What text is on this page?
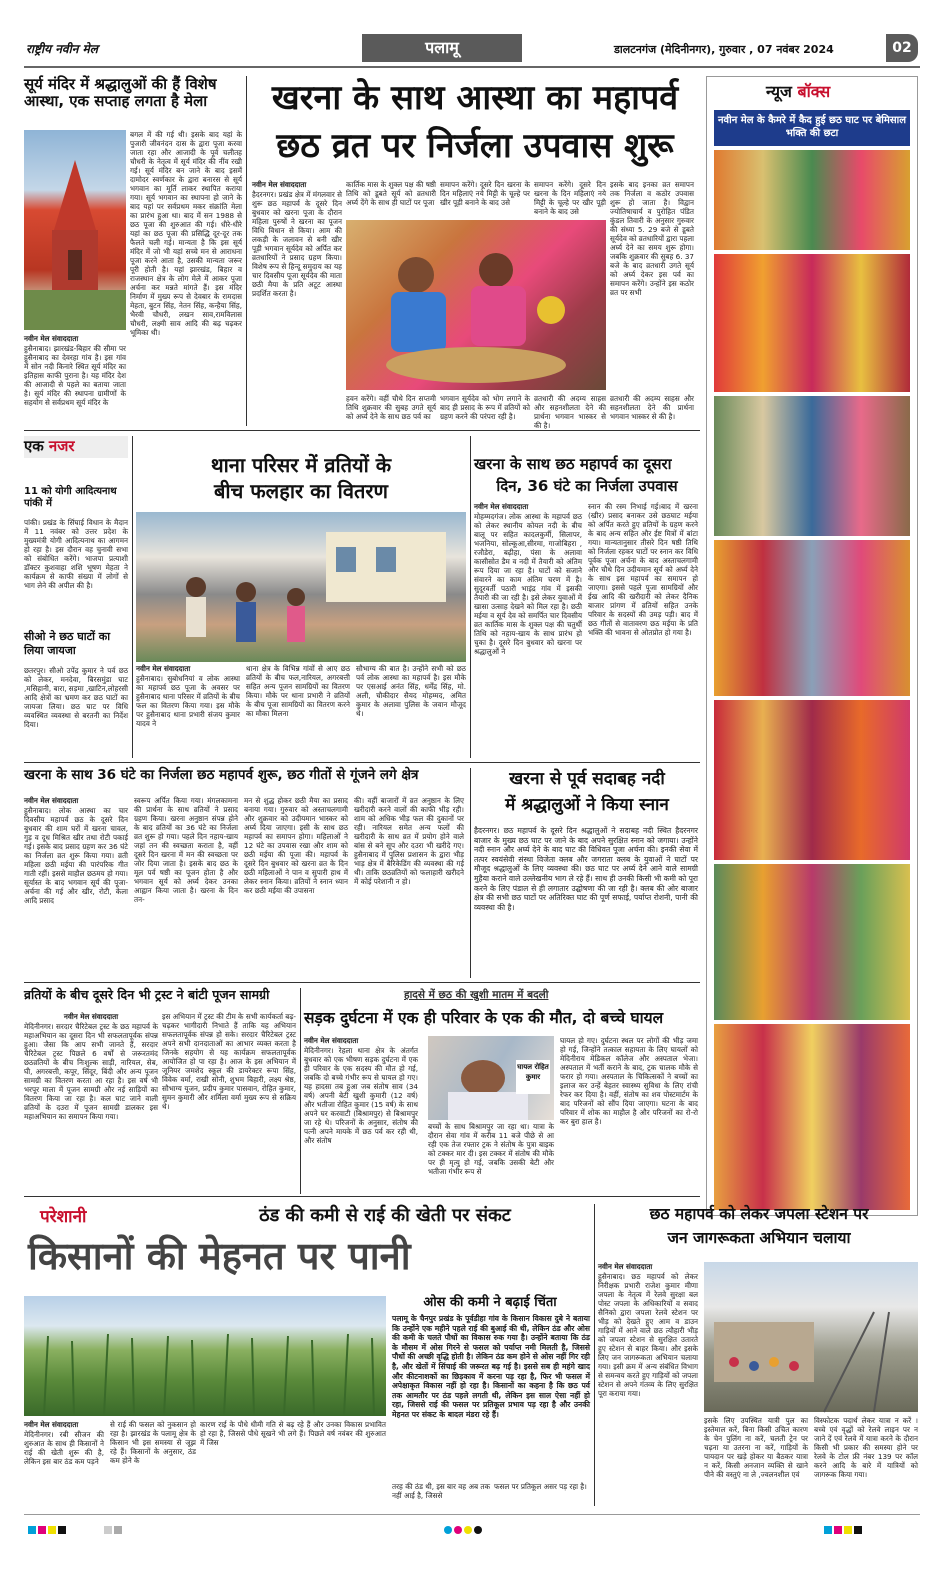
राष्ट्रीय नवीन मेल	पलामू	डालटनगंज (मेदिनीनगर), गुरुवार , 07 नवंबर 2024	02
सूर्य मंदिर में श्रद्धालुओं की हैं विशेष आस्था, एक सप्ताह लगता है मेला
नवीन मेल संवाददाता
हुसैनाबाद। झारखंड-बिहार की सीमा पर हुसैनाबाद का देवरहा गांव है। इस गांव में सोन नदी किनारे स्थित सूर्य मंदिर का इतिहास काफी पुराना है। यह मंदिर देश की आजादी से पहले का बताया जाता है। सूर्य मंदिर की स्थापना ग्रामीणों के सहयोग से सर्वप्रथम सूर्य मंदिर के
बगल में की गई थी। इसके बाद यहां के पुजारी जीवनंदन दास के द्वारा पूजा करवा जाता रहा और आजादी के पूर्व चलीतह चौधरी के नेतृत्व में सूर्य मंदिर की नींव रखी गई। सूर्य मंदिर बन जाने के बाद इसमें दामोदर स्वर्णकार के द्वारा बनारस से सूर्य भगवान का मूर्ति लाकर स्थापित कराया गया। सूर्य भगवान का स्थापना हो जाने के बाद यहां पर सर्वप्रथम मकर संक्रांति मेला का प्रारंभ हुआ था। बाद में सन 1988 से छठ पूजा की शुरुआत की गई। धीरे-धीरे यहां का छठ पूजा की प्रसिद्धि दूर-दूर तक फैलते चली गई। मान्यता है कि इस सूर्य मंदिर में जो भी यहां सच्चे मन से आराधना पूजा करने आता है, उसकी मान्यता जरूर पूरी होती है। यहां झारखंड, बिहार व राजस्थान क्षेत्र के लोग मेले में आकर पूजा अर्चना कर मन्नते मांगते हैं। इस मंदिर निर्माण में मुख्य रूप से देवबार के रामदास मेहता, बुटन सिंह, नेतन सिंह, कन्हैया सिंह, भैरवी चौधरी, लखन साव,रामविलास चौधरी, लक्ष्मी साव आदि की बढ़ चढ़कर भूमिका थी।
खरना के साथ आस्था का महापर्व
छठ व्रत पर निर्जला उपवास शुरू
नवीन मेल संवाददाता
हैदरनगर। प्रखंड क्षेत्र में मंगलवार से शुरू छठ महापर्व के दूसरे दिन बुधवार को खरना पूजा के दौरान महिला पुरुषों ने खरना का पूजन विधि विधान से किया। आम की लकड़ी के जलावन से बनी खीर पूड़ी भगवान सूर्यदेव को अर्पित कर व्रतधारियों ने प्रसाद ग्रहण किया। विशेष रूप से हिन्दू समुदाय का यह चार दिवसीय पूजा सूर्यदेव की माता छठी मैया के प्रति अटूट आस्था प्रदर्शित करता है।
कार्तिक मास के शुक्ल पक्ष की षष्ठी तिथि को डूबते सूर्य को व्रतधारी अर्घ्य देंगे के साथ ही घाटों पर पूजा
समापन करेंगे। दूसरे दिन खरना के दिन महिलाएं नये मिट्टी के चूल्हे पर खीर पूड़ी बनाने के बाद उसे
हवन करेंगे। वहीं चौथे दिन सप्तमी तिथि शुक्रवार की सुबह उगते सूर्य को अर्घ्य देने के साथ छठ पर्व का
भगवान सूर्यदेव को भोग लगाने के बाद ही प्रसाद के रूप में व्रतियों को ग्रहण करने की परंपरा रही है।
समापन करेंगे। दूसरे दिन खरना के दिन महिलाएं नये मिट्टी के चूल्हे पर खीर पूड़ी बनाने के बाद उसे
इसके बाद इनका व्रत समापन तक निर्जला व कठोर उपवास शुरू हो जाता है। विद्वान ज्योतिषाचार्य व पुरोहित पंडित कुंडल तिवारी के अनुसार गुरुवार की संध्या 5. 29 बजे से डूबते सूर्यदेव को व्रतधारियों द्वारा पहला अर्घ्य देने का समय शुरू होगा। जबकि शुक्रवार की सुबह 6. 37 बजे के बाद व्रतधारी उगते सूर्य को अर्घ्य देकर इस पर्व का समापन करेंगे। उन्होंने इस कठोर व्रत पर सभी
व्रतधारी की अदम्य साहस और सहनशीलता देने की प्रार्थना भगवान भास्कर से की है।
व्रतधारी की अदम्य साहस और सहनशीलता देने की प्रार्थना भगवान भास्कर से की है।
न्यूज बॉक्स
नवीन मेल के कैमरे में कैद हुई छठ घाट पर बेमिसाल भक्ति की छटा
एक नजर
11 को योगी आदित्यनाथ पांकी में
पांकी। प्रखंड के सिंघाई विधान के मैदान में 11 नवंबर को उत्तर प्रदेश के मुख्यमंत्री योगी आदित्यनाथ का आगमन हो रहा है। इस दौरान वह चुनावी सभा को संबोधित करेंगे। भाजपा प्रत्याशी डॉक्टर कुशवाहा शशि भूषण मेहता ने कार्यक्रम से काफी संख्या में लोगों से भाग लेने की अपील की है।
सीओ ने छठ घाटों का लिया जायजा
छतरपुर। सीओ उपेंद्र कुमार ने पर्व छठ को लेकर, मनदेवा, बिरसमुंडा घाट ,मसिहानी, बारा, सड़मा ,खाटिन,लोहरसी आदि क्षेत्रों का भ्रमण कर छठ घाटों का जायजा लिया। छठ घाट पर विधि व्यवस्थित व्यवस्था से बरतनी का निर्देश दिया।
थाना परिसर में व्रतियों के
बीच फलहार का वितरण
नवीन मेल संवाददाता
हुसैनाबाद। सुबोधनियां व लोक आस्था का महापर्व छठ पूजा के अवसर पर हुसैनाबाद थाना परिसर में व्रतियों के बीच फल का वितरण किया गया। इस मौके पर हुसैनाबाद थाना प्रभारी संजय कुमार यादव ने
थाना क्षेत्र के विभिन्न गांवों से आए छठ व्रतियों के बीच फल,नारियल, अगरबत्ती सहित अन्य पूजन सामग्रियों का वितरण किया। मौके पर थाना प्रभारी ने व्रतियों के बीच पूजा सामग्रियों का वितरण करने का मौका मिलना
सौभाग्य की बात है। उन्होंने सभी को छठ पर्व लोक आस्था का महापर्व है। इस मौके पर एसआई अनंत सिंह, धर्मेंद्र सिंह, मो. अली, चौकीदार सैयद मोहम्मद, अमित कुमार के अलावा पुलिस के जवान मौजूद थे।
खरना के साथ छठ महापर्व का दूसरा
दिन, 36 घंटे का निर्जला उपवास
नवीन मेल संवाददाता
मोहम्मदगंज। लोक आस्था के महापर्व छठ को लेकर स्थानीय कोयल नदी के बीच बालू पर सहित कादलकुर्मी, सिलापर, भजनिया, सोल्कूआ,सीरमा, गाजोबिहरा , रजौडेरा, बढ़ीहा, पंसा के अलावा कासीसोत डैम व नदी में तैयारी को अंतिम रूप दिया जा रहा है। घाटों को सजाने संवारने का काम अंतिम चरण में है। सुदूरवर्ती पठारी भाइंद्र गांव में इसकी तैयारी की जा रही है। इसे लेकर युवाओं में खासा उत्साह देखने को मिल रहा है। छठी मईया व सूर्य देव को समर्पित चार दिवसीय व्रत कार्तिक मास के शुक्ल पक्ष की चतुर्थी तिथि को नहाय-खाय के साथ प्रारंभ हो चुका है। दूसरे दिन बुधवार को खरना पर श्रद्धालुओं ने
स्नान की रस्म निभाई गई।बाद में खरना (खीर) प्रसाद बनाकर उसे छठघाट मईया को अर्पित करते हुए व्रतियों के ग्रहण करने के बाद अन्य सहित और ईष्ट मित्रों में बांटा गया। मान्यतानुसार तीसरे दिन षष्ठी तिथि को निर्जला रहकर घाटों पर स्नान कर विधि पूर्वक पूजा अर्चना के बाद अस्ताचलगामी और चौथे दिन उदीयमान सूर्य को अर्घ्य देने के साथ इस महापर्व का समापन हो जाएगा। इससे पहले पूजा सामग्रियों और ईख आदि की खरीदारी को लेकर दैनिक बाजार प्रांगण में व्रतियों सहित उनके परिवार के सदस्यों की उमड़ पड़ी। बाद में छठ गीतों से वातावरण छठ मईया के प्रति भक्ति की भावना से ओतप्रोत हो गया है।
खरना के साथ 36 घंटे का निर्जला छठ महापर्व शुरू, छठ गीतों से गूंजने लगे क्षेत्र
नवीन मेल संवाददाता
हुसैनाबाद। लोक आस्था का चार दिवसीय महापर्व छठ के दूसरे दिन बुधवार की शाम घरों में खरना चावल, गुड़ व दूध मिश्रित खीर तथा रोटी पकाई गई। इसके बाद प्रसाद ग्रहण कर 36 घंटे का निर्जला व्रत शुरू किया गया। व्रती महिला छठी मईया की पारंपरिक गीत गाती रहीं। इससे माहौल छठमय हो गया। सूर्यास्त के बाद भगवान सूर्य की पूजा-अर्चना की गई और खीर, रोटी, केला आदि प्रसाद
स्वरूप अर्पित किया गया। मंगलकामना की प्रार्थना के साथ व्रतियों ने प्रसाद ग्रहण किया। खरना अनुष्ठान संपन्न होने के बाद व्रतियों का 36 घंटे का निर्जला व्रत शुरू हो गया। पहले दिन नहाय-खाय जहां तन की स्वच्छता कराता है, वहीं दूसरे दिन खरना में मन की स्वच्छता पर जोर दिया जाता है। इसके बाद छठ के मूल पर्व षष्ठी का पूजन होता है और भगवान सूर्य को अर्घ्य देकर उनका आह्वान किया जाता है। खरना के दिन तन-
मन से शुद्ध होकर छठी मैया का प्रसाद बनाया गया। गुरुवार को अस्ताचलगामी और शुक्रवार को उदीयमान भास्कर को अर्घ्य दिया जाएगा। इसी के साथ छठ महापर्व का समापन होगा। महिलाओं ने 12 घंटे का उपवास रखा और शाम को छठी मईया की पूजा की। महापर्व के दूसरे दिन बुधवार को खरना व्रत के दिन छठी महिलाओं ने पान व सुपारी हाथ में लेकर स्नान किया। व्रतियों ने स्नान ध्यान कर छठी मईया की उपासना
की। वहीं बाजारों में व्रत अनुष्ठान के लिए खरीदारी करने वालों की काफी भीड़ रही। शाम को अधिक भीड़ फल की दुकानों पर रही। नारियल समेत अन्य फलों की खरीदारी के साथ व्रत में प्रयोग होने वाले बांस से बने सूप और दउरा भी खरीदे गए। हुसैनाबाद में पुलिस प्रशासन के द्वारा भीड़ भाड़ क्षेत्र में बैरिकेडिंग की व्यवस्था की गई थी। ताकि छठव्रतियों को फलाहारी खरीदने में कोई परेशानी न हो।
खरना से पूर्व सदाबह नदी
में श्रद्धालुओं ने किया स्नान
हैदरनगर। छठ महापर्व के दूसरे दिन श्रद्धालुओं ने सदाबह नदी स्थित हैदरनगर बाजार के मुख्य छठ घाट पर जाने के बाद अपने सुरक्षित स्नान को जगाया। उन्होंने नदी स्नान और अर्घ्य देने के बाद घाट की विधिवत पूजा अर्चना की। इनकी सेवा में तत्पर स्वयंसेवी संस्था विजेता क्लब और जगराता क्लब के युवाओं ने घाटों पर मौजूद श्रद्धालुओं के लिए व्यवस्था की। छठ घाट पर अर्घ्य देने आने वाले सामग्री मुहैया कराने वाले उल्लेखनीय भाग ले रहे हैं। साथ ही उनकी किसी भी कमी को पूरा करने के लिए पंडाल से ही लगातार उद्घोषणा की जा रही है। क्लब की ओर बाजार क्षेत्र की सभी छठ घाटों पर अतिरिक्त घाट की पूर्ण सफाई, पर्याप्त रोशनी, पानी की व्यवस्था की है।
व्रतियों के बीच दूसरे दिन भी ट्रस्ट ने बांटी पूजन सामग्री
नवीन मेल संवाददाता
मेदिनीनगर। सरदार चैरिटेबल ट्रस्ट के छठ महापर्व के महाअभियान का दूसरा दिन भी सफलतापूर्वक संपन्न हुआ। जैसा कि आप सभी जानते हैं, सरदार चैरिटेबल ट्रस्ट पिछले 6 वर्षों से जरूरतमंद छठव्रतियों के बीच निःशुल्क साड़ी, नारियल, सेब, घी, अगरबत्ती, कपूर, सिंदूर, बिंदी और अन्य पूजन सामग्री का वितरण करता आ रहा है। इस वर्ष भी भरपूर माला में पूजन सामग्री और नई साड़ियों का वितरण किया जा रहा है। कल घाट जाने वाली व्रतियों के दउरा में पूजन सामग्री डालकर इस महाअभियान का समापन किया गया।
इस अभियान में ट्रस्ट की टीम के सभी कार्यकर्ता बढ़-चढ़कर भागीदारी निभाते हैं ताकि यह अभियान सफलतापूर्वक संपन्न हो सके। सरदार चैरिटेबल ट्रस्ट अपने सभी दानदाताओं का आभार व्यक्त करता है जिनके सहयोग से यह कार्यक्रम सफलतापूर्वक आयोजित हो पा रहा है। आज के इस अभियान में जूनियर जमशेद स्कूल की डायरेक्टर रूपा सिंह, विवेक वर्मा, राखी सोनी, शुभम बिहारी, लक्ष्य श्रेष्ठ, सौभाग्य यूजन, प्रदीप कुमार पासवान, रोहित कुमार, सुमन कुमारी और शर्मिला वर्मा मुख्य रूप से सक्रिय थे।
हादसे में छठ की खुशी मातम में बदली
सड़क दुर्घटना में एक ही परिवार के एक की मौत, दो बच्चे घायल
नवीन मेल संवाददाता
मेदिनीनगर। रेहला थाना क्षेत्र के अंतर्गत बुधवार को एक भीषण सड़क दुर्घटना में एक ही परिवार के एक सदस्य की मौत हो गई, जबकि दो बच्चे गंभीर रूप से घायल हो गए। यह हादसा तब हुआ जब संतोष साव (34 वर्ष) अपनी बेटी खुशी कुमारी (12 वर्ष) और भतीजा रोहित कुमार (15 वर्ष) के साथ अपने घर करवाटी (बिश्रामपुर) से बिश्रामपुर जा रहे थे। परिजनों के अनुसार, संतोष की पत्नी अपने मायके में छठ पर्व कर रही थी, और संतोष
घायल रोहित कुमार
बच्चों के साथ बिश्रामपुर जा रहा था। यात्रा के दौरान सेवा गांव में करीब 11 बजे पीछे से आ रही एक तेज रफ्तार ट्रक ने संतोष के पुत्रा बाइक को टक्कर मार दी। इस टक्कर में संतोष की मौके पर ही मृत्यु हो गई, जबकि उसकी बेटी और भतीजा गंभीर रूप से
घायल हो गए। दुर्घटना स्थल पर लोगों की भीड़ जमा हो गई, जिन्होंने तत्काल सहायता के लिए घायलों को मेदिनीराय मेडिकल कॉलेज और अस्पताल भेजा। अस्पताल में भर्ती कराने के बाद, ट्रक चालक मौके से फरार हो गया। अस्पताल के चिकित्सकों ने बच्चों का इलाज कर उन्हें बेहतर स्वास्थ्य सुविधा के लिए रांची रेफर कर दिया है। वहीं, संतोष का शव पोस्टमार्टम के बाद परिजनों को सौंप दिया जाएगा। घटना के बाद परिवार में शोक का माहौल है और परिजनों का रो-रो कर बुरा हाल है।
परेशानी	ठंड की कमी से राई की खेती पर संकट
किसानों की मेहनत पर पानी
नवीन मेल संवाददाता
मेदिनीनगर। रबी सीजन की शुरुआत के साथ ही किसानों ने राई की खेती शुरू की है, लेकिन इस बार ठंड कम पड़ने
से राई की फसल को नुकसान हो रहा है। झारखंड के पलामू क्षेत्र के किसान भी इस समस्या से जूझ रहे हैं। किसानों के अनुसार, ठंड कम होने के
कारण राई के पौधे धीमी गति से बढ़ रहे हैं और उनका विकास प्रभावित हो रहा है, जिससे पौधे सूखने भी लगे हैं। पिछले वर्ष नवंबर की शुरुआत में जिस
ओस की कमी ने बढ़ाई चिंता
पलामू के चैनपुर प्रखंड के पूर्वडीहा गांव के किसान विकास दुबे ने बताया कि उन्होंने एक महीने पहले राई की बुआई की थी, लेकिन ठंड और ओस की कमी के चलते पौधों का विकास रुक गया है। उन्होंने बताया कि ठंड के मौसम में ओस गिरने से फसल को पर्याप्त नमी मिलती है, जिससे पौधों की अच्छी वृद्धि होती है। लेकिन ठंड कम होने से ओस नहीं गिर रही है, और खेतों में सिंचाई की जरूरत बढ़ गई है। इससे सब ही महंगे खाद और कीटनाशकों का छिड़काव में करना पड़ रहा है, फिर भी फसल में अपेक्षाकृत विकास नहीं हो रहा है। किसानों का कहना है कि छठ पर्व तक आमतौर पर ठंड पहले लगती थी, लेकिन इस साल ऐसा नहीं हो रहा, जिससे राई की फसल पर प्रतिकूल प्रभाव पड़ रहा है और उनकी मेहनत पर संकट के बादल मंडरा रहे हैं।
तरह की ठंड थी, इस बार वह अब तक नहीं आई है, जिससे
फसल पर प्रतिकूल असर पड़ रहा है।
छठ महापर्व को लेकर जपला स्टेशन पर
जन जागरूकता अभियान चलाया
नवीन मेल संवाददाता
हुसैनाबाद। छठ महापर्व को लेकर निरीक्षक प्रभारी राजेश कुमार मीणा जपला के नेतृत्व में रेलवे सुरक्षा बल पोस्ट जपला के अधिकारियों व सवाद सैनिको द्वारा जपला रेलवे स्टेशन पर भीड़ को देखते हुए आम व डाउन गाड़ियों में आने वाले छठ त्यौहारी भीड़ को जपला स्टेशन से सुरक्षित उतारते हुए स्टेशन से बाहर किया। और इसके लिए जन जागरूकता अभियान चलाया गया। इसी क्रम में अन्य संबंधित विभाग से समन्वय करते हुए गाड़ियों को जपला स्टेशन से अपने गंतव्य के लिए सुरक्षित पूरा कराया गया।
इसके लिए उपस्थित यात्री पुल का इस्तेमाल करें, बिना किसी उचित कारण के चेन पुलिंग ना करें, चलती ट्रेन पर चढ़ना या उतरना ना करें, गाड़ियों के पायदान पर खड़े होकर या बैठकर यात्रा न करें, किसी अनजान व्यक्ति से खाने पीने की वस्तुएं ना ले ,ज्वलनशील एवं
विस्फोटक पदार्थ लेकर यात्रा न करें । बच्चे एवं वृद्धों को रेलवे लाइन पर न जाने दें एवं रेलवे में यात्रा करने के दौरान किसी भी प्रकार की समस्या होने पर रेलवे के टोल फ्री नंबर 139 पर कॉल करने आदि के बारे में यात्रियों को जागरूक किया गया।
